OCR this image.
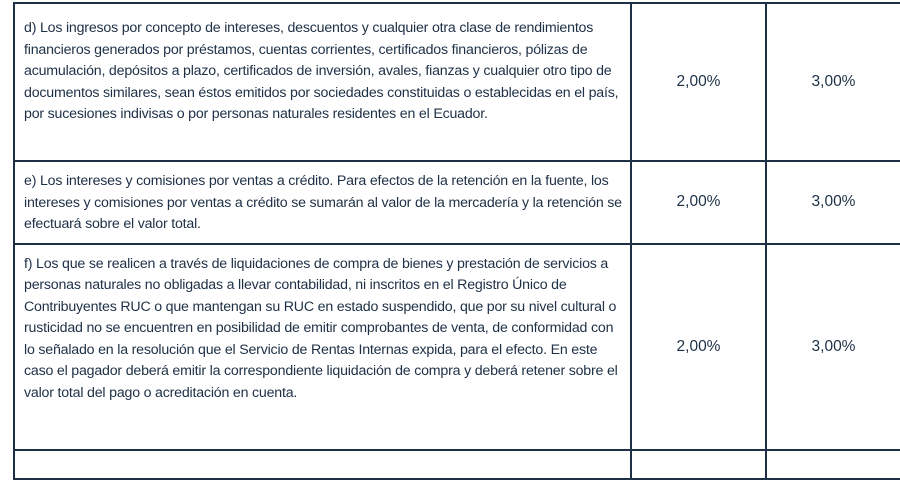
d) Los ingresos por concepto de intereses, descuentos y cualquier otra clase de rendimientos financieros generados por préstamos, cuentas corrientes, certificados financieros, pólizas de acumulación, depósitos a plazo, certificados de inversión, avales, fianzas y cualquier otro tipo de documentos similares, sean éstos emitidos por sociedades constituidas o establecidas en el país, por sucesiones indivisas o por personas naturales residentes en el Ecuador.	2,00%	3,00%
e) Los intereses y comisiones por ventas a crédito. Para efectos de la retención en la fuente, los intereses y comisiones por ventas a crédito se sumarán al valor de la mercadería y la retención se efectuará sobre el valor total.	2,00%	3,00%
f) Los que se realicen a través de liquidaciones de compra de bienes y prestación de servicios a personas naturales no obligadas a llevar contabilidad, ni inscritos en el Registro Único de Contribuyentes RUC o que mantengan su RUC en estado suspendido, que por su nivel cultural o rusticidad no se encuentren en posibilidad de emitir comprobantes de venta, de conformidad con lo señalado en la resolución que el Servicio de Rentas Internas expida, para el efecto. En este caso el pagador deberá emitir la correspondiente liquidación de compra y deberá retener sobre el valor total del pago o acreditación en cuenta.	2,00%	3,00%
